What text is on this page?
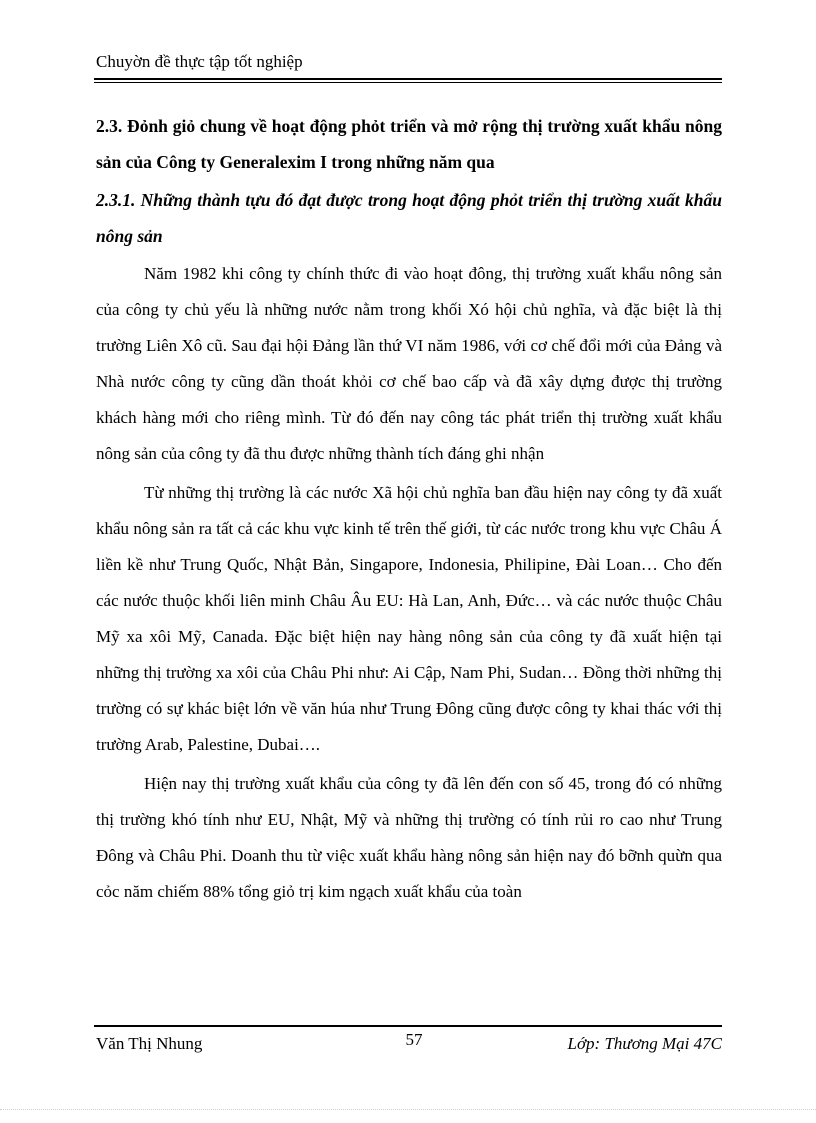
Chuyờn đề thực tập tốt nghiệp

2.3. Đỏnh giỏ chung về hoạt động phỏt triển và mở rộng thị trường xuất khẩu nông sản của Công ty Generalexim I trong những năm qua

2.3.1. Những thành tựu đó đạt được trong hoạt động phỏt triển thị trường xuất khẩu nông sản

Năm 1982 khi công ty chính thức đi vào hoạt đông, thị trường xuất khẩu nông sản của công ty chủ yếu là những nước nằm trong khối Xó hội chủ nghĩa, và đặc biệt là thị trường Liên Xô cũ. Sau đại hội Đảng lần thứ VI năm 1986, với cơ chế đổi mới của Đảng và Nhà nước công ty cũng dần thoát khỏi cơ chế bao cấp và đã xây dựng được thị trường khách hàng mới cho riêng mình. Từ đó đến nay công tác phát triển thị trường xuất khẩu nông sản của công ty đã thu được những thành tích đáng ghi nhận

Từ những thị trường là các nước Xã hội chủ nghĩa ban đầu hiện nay công ty đã xuất khẩu nông sản ra tất cả các khu vực kinh tế trên thế giới, từ các nước trong khu vực Châu Á liền kề như Trung Quốc, Nhật Bản, Singapore, Indonesia, Philipine, Đài Loan… Cho đến các nước thuộc khối liên minh Châu Âu EU: Hà Lan, Anh, Đức… và các nước thuộc Châu Mỹ xa xôi Mỹ, Canada. Đặc biệt hiện nay hàng nông sản của công ty đã xuất hiện tại những thị trường xa xôi của Châu Phi như: Ai Cập, Nam Phi, Sudan… Đồng thời những thị trường có sự khác biệt lớn về văn húa như Trung Đông cũng được công ty khai thác với thị trường Arab, Palestine, Dubai….

Hiện nay thị trường xuất khẩu của công ty đã lên đến con số 45, trong đó có những thị trường khó tính như EU, Nhật, Mỹ và những thị trường có tính rủi ro cao như Trung Đông và Châu Phi. Doanh thu từ việc xuất khẩu hàng nông sản hiện nay đó bỡnh quừn qua cỏc năm chiếm 88% tổng giỏ trị kim ngạch xuất khẩu của toàn

Văn Thị Nhung	57	Lớp: Thương Mại 47C
